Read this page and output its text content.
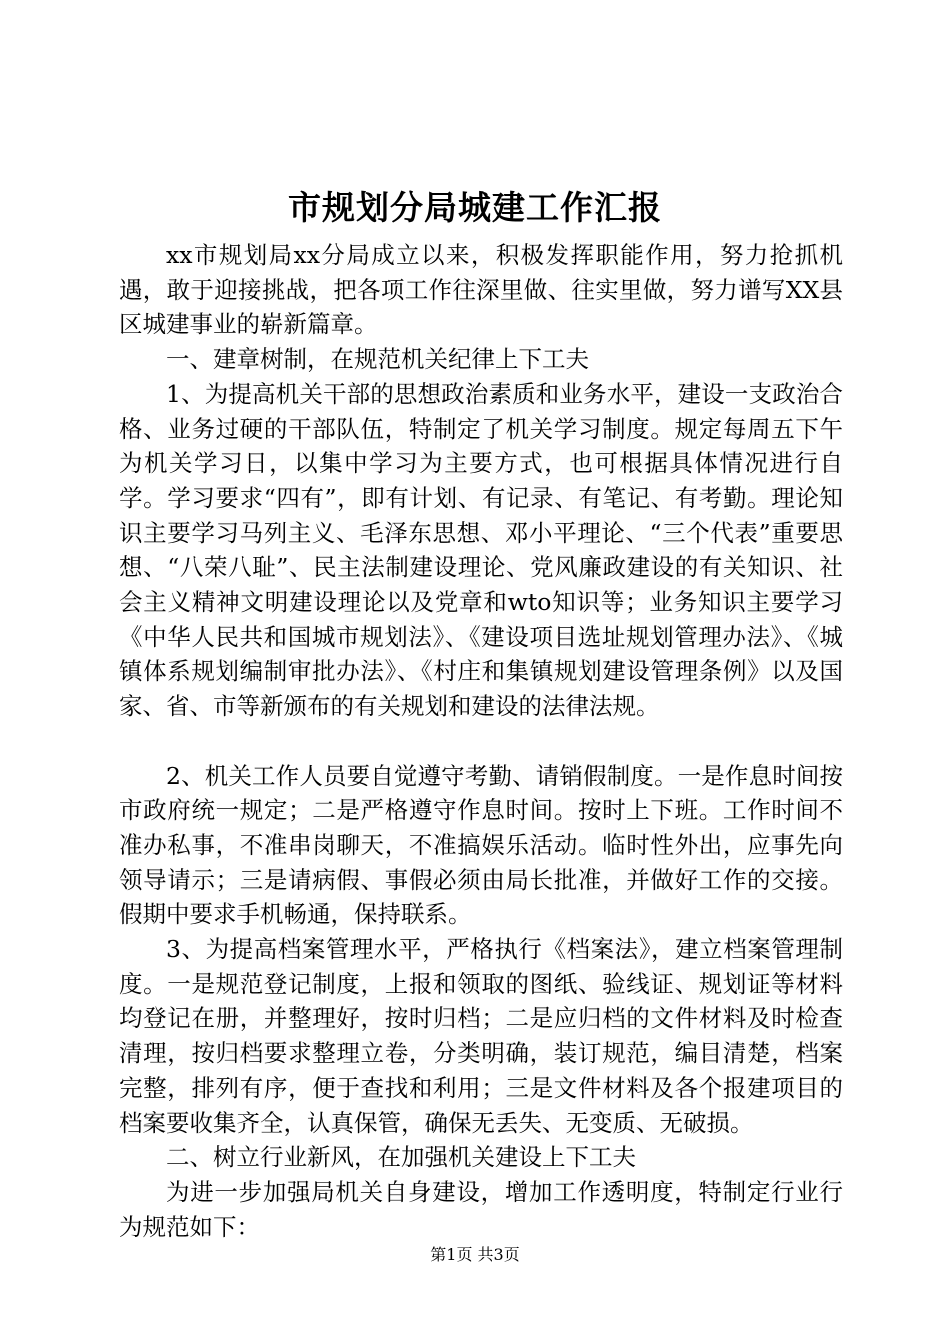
市规划分局城建工作汇报

xx市规划局xx分局成立以来，积极发挥职能作用，努力抢抓机遇，敢于迎接挑战，把各项工作往深里做、往实里做，努力谱写XX县区城建事业的崭新篇章。

一、建章树制，在规范机关纪律上下工夫

1、为提高机关干部的思想政治素质和业务水平，建设一支政治合格、业务过硬的干部队伍，特制定了机关学习制度。规定每周五下午为机关学习日，以集中学习为主要方式，也可根据具体情况进行自学。学习要求“四有”，即有计划、有记录、有笔记、有考勤。理论知识主要学习马列主义、毛泽东思想、邓小平理论、“三个代表”重要思想、“八荣八耻”、民主法制建设理论、党风廉政建设的有关知识、社会主义精神文明建设理论以及党章和wto知识等；业务知识主要学习《中华人民共和国城市规划法》、《建设项目选址规划管理办法》、《城镇体系规划编制审批办法》、《村庄和集镇规划建设管理条例》以及国家、省、市等新颁布的有关规划和建设的法律法规。

2、机关工作人员要自觉遵守考勤、请销假制度。一是作息时间按市政府统一规定；二是严格遵守作息时间。按时上下班。工作时间不准办私事，不准串岗聊天，不准搞娱乐活动。临时性外出，应事先向领导请示；三是请病假、事假必须由局长批准，并做好工作的交接。假期中要求手机畅通，保持联系。

3、为提高档案管理水平，严格执行《档案法》，建立档案管理制度。一是规范登记制度，上报和领取的图纸、验线证、规划证等材料均登记在册，并整理好，按时归档；二是应归档的文件材料及时检查清理，按归档要求整理立卷，分类明确，装订规范，编目清楚，档案完整，排列有序，便于查找和利用；三是文件材料及各个报建项目的档案要收集齐全，认真保管，确保无丢失、无变质、无破损。

二、树立行业新风，在加强机关建设上下工夫

为进一步加强局机关自身建设，增加工作透明度，特制定行业行为规范如下：

第1页 共3页
